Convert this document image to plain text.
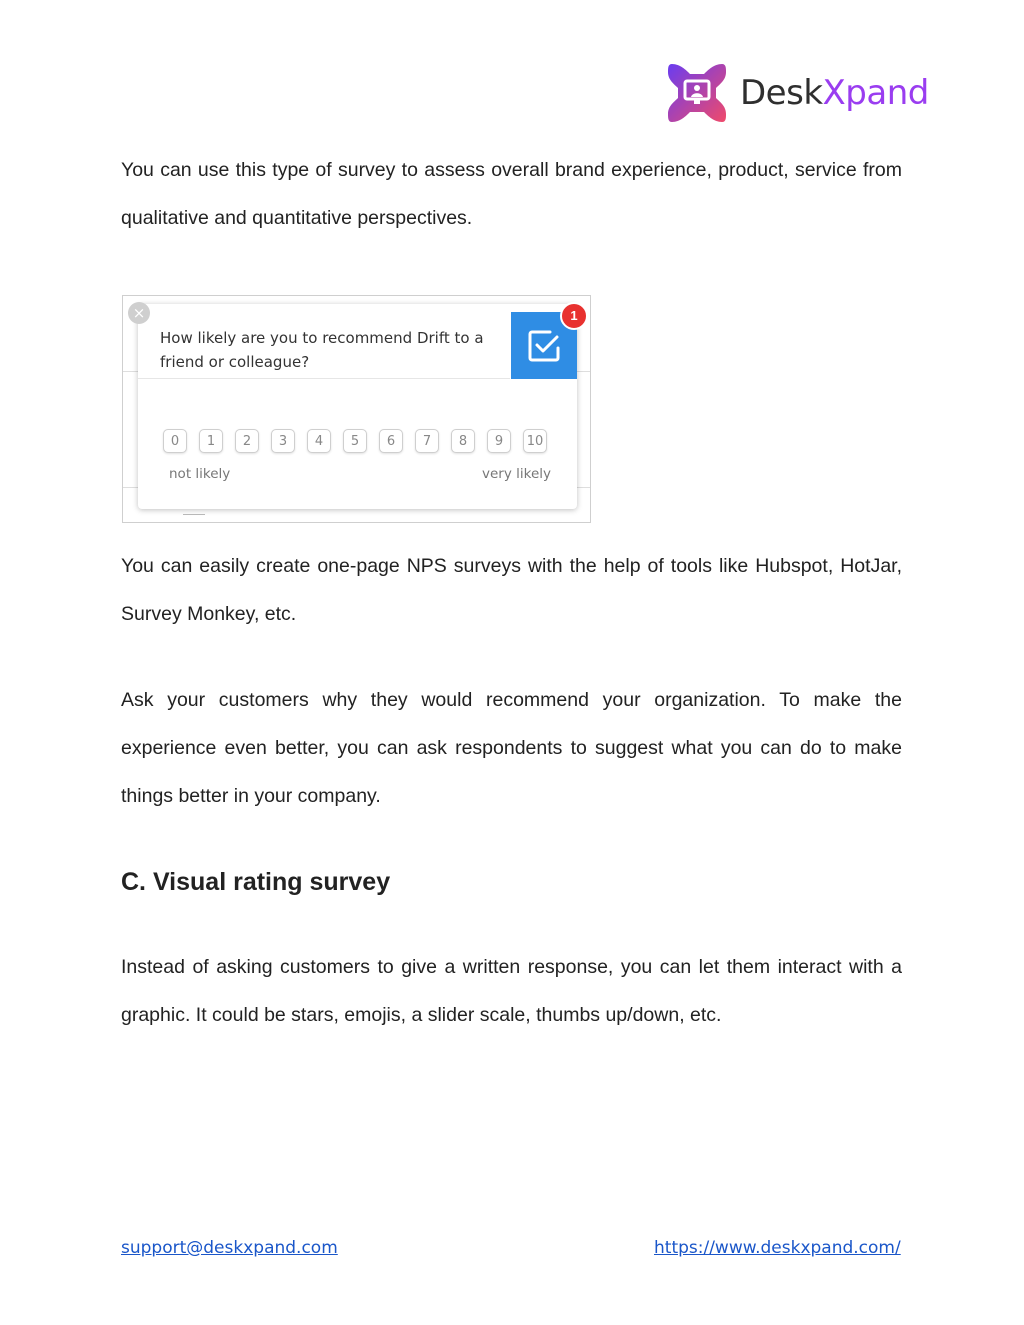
DeskXpand
You can use this type of survey to assess overall brand experience, product, service from qualitative and quantitative perspectives.
How likely are you to recommend Drift to a friend or colleague?
0	1	2	3	4	5	6	7	8	9	10
not likely	very likely
×	1
You can easily create one-page NPS surveys with the help of tools like Hubspot, HotJar, Survey Monkey, etc.
Ask your customers why they would recommend your organization. To make the experience even better, you can ask respondents to suggest what you can do to make things better in your company.
C. Visual rating survey
Instead of asking customers to give a written response, you can let them interact with a graphic. It could be stars, emojis, a slider scale, thumbs up/down, etc.
support@deskxpand.com	https://www.deskxpand.com/
